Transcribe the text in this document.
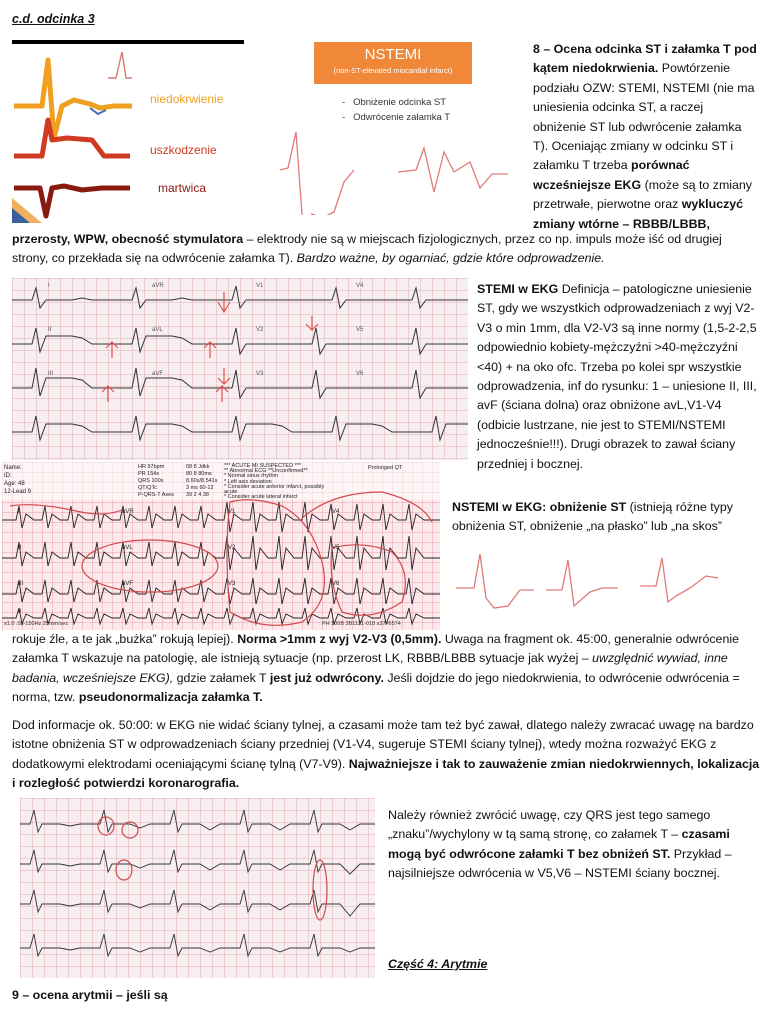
c.d. odcinka 3
niedokrwienie
uszkodzenie
martwica
NSTEMI
(non-ST-elevated miocardial infarct)
-   Obniżenie odcinka ST
-   Odwrócenie załamka T
8 – Ocena odcinka ST i załamka T pod kątem niedokrwienia. Powtórzenie podziału OZW: STEMI, NSTEMI (nie ma uniesienia odcinka ST, a raczej obniżenie ST lub odwrócenie załamka T). Oceniając zmiany w odcinku ST i załamku T trzeba porównać wcześniejsze EKG (może są to zmiany przetrwałe, pierwotne oraz wykluczyć zmiany wtórne – RBBB/LBBB,
przerosty, WPW, obecność stymulatora – elektrody nie są w miejscach fizjologicznych, przez co np. impuls może iść od drugiej strony, co przekłada się na odwrócenie załamka T). Bardzo ważne, by ogarniać, gdzie które odprowadzenie.
I	aVR	V1	V4
II	aVL	V2	V5
III	aVF	V3	V6
STEMI w EKG Definicja – patologiczne uniesienie ST, gdy we wszystkich odprowadzeniach z wyj V2-V3 o min 1mm, dla V2-V3 są inne normy (1,5-2-2,5 odpowiednio kobiety-mężczyźni >40-mężczyźni <40) + na oko ofc. Trzeba po kolei spr wszystkie odprowadzenia, inf do rysunku: 1 – uniesione II, III, avF (ściana dolna) oraz obniżone avL,V1-V4 (odbicie lustrzane, nie jest to STEMI/NSTEMI jednocześnie!!!). Drugi obrazek to zawał ściany przedniej i bocznej.
Name:
ID:
Age: 48
12-Lead 9
HR 97bpm
PR 154s
QRS 100s
QT/QTc
P-QRS-T Axes
08 8 Jdkk
80 8 80ms
8.60s/8.541s
3 ms 60-12
39 2 4 38
*** ACUTE MI SUSPECTED ***
** Abnormal ECG **Unconfirmed**
* Normal sinus rhythm
* Left axis deviation
* Consider acute anterior infarct, possibly
acute
* Consider acute lateral infarct
Prolonged QT
I	aVR	V1	V4
II	aVL	V2	V5
III	aVF	V3	V6
II
x1.0 .05-150Hz 25mm/sec	PH 100B 3B1121-018 s37#6574
NSTEMI w EKG: obniżenie ST (istnieją różne typy obniżenia ST, obniżenie „na płasko” lub „na skos”
rokuje źle, a te jak „bużka” rokują lepiej). Norma >1mm z wyj V2-V3 (0,5mm). Uwaga na fragment ok. 45:00, generalnie odwrócenie załamka T wskazuje na patologię, ale istnieją sytuacje (np. przerost LK, RBBB/LBBB sytuacje jak wyżej – uwzględnić wywiad, inne badania, wcześniejsze EKG), gdzie załamek T jest już odwrócony. Jeśli dojdzie do jego niedokrwienia, to odwrócenie odwrócenia = norma, tzw. pseudonormalizacja załamka T.
Dod informacje ok. 50:00: w EKG nie widać ściany tylnej, a czasami może tam też być zawał, dlatego należy zwracać uwagę na bardzo istotne obniżenia ST w odprowadzeniach ściany przedniej (V1-V4, sugeruje STEMI ściany tylnej), wtedy można rozważyć EKG z dodatkowymi elektrodami oceniającymi ścianę tylną (V7-V9). Najważniejsze i tak to zauważenie zmian niedokrwiennych, lokalizacja i rozległość potwierdzi koronarografia.
Należy również zwrócić uwagę, czy QRS jest tego samego „znaku”/wychylony w tą samą stronę, co załamek T – czasami mogą być odwrócone załamki T bez obniżeń ST. Przykład – najsilniejsze odwrócenia w V5,V6 – NSTEMI ściany bocznej.
Część 4: Arytmie
9 – ocena arytmii – jeśli są
